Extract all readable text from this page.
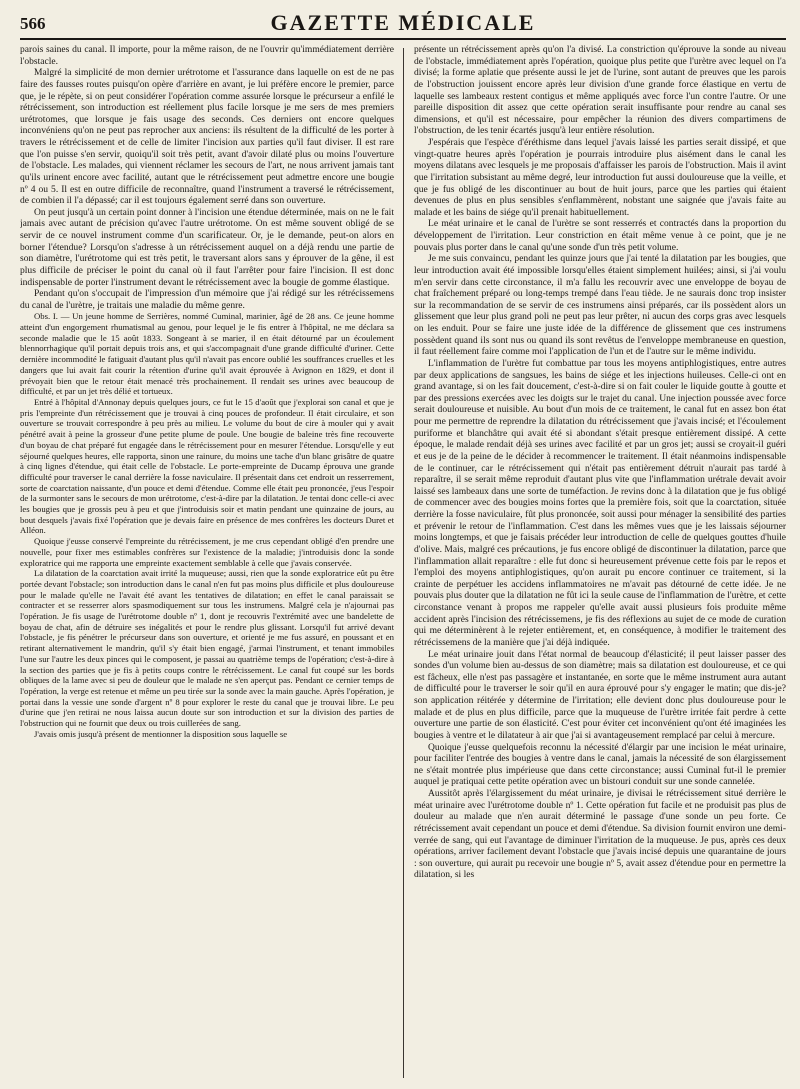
566	GAZETTE MÉDICALE

parois saines du canal. Il importe, pour la même raison, de ne l'ouvrir qu'immédiatement derrière l'obstacle.

Malgré la simplicité de mon dernier urétrotome et l'assurance dans laquelle on est de ne pas faire des fausses routes puisqu'on opère d'arrière en avant, je lui préfère encore le premier, parce que, je le répète, si on peut considérer l'opération comme assurée lorsque le précurseur a enfilé le rétrécissement, son introduction est réellement plus facile lorsque je me sers de mes premiers urétrotomes, que lorsque je fais usage des seconds. Ces derniers ont encore quelques inconvéniens qu'on ne peut pas reprocher aux anciens: ils résultent de la difficulté de les porter à travers le rétrécissement et de celle de limiter l'incision aux parties qu'il faut diviser. Il est rare que l'on puisse s'en servir, quoiqu'il soit très petit, avant d'avoir dilaté plus ou moins l'ouverture de l'obstacle. Les malades, qui viennent réclamer les secours de l'art, ne nous arrivent jamais tant qu'ils urinent encore avec facilité, autant que le rétrécissement peut admettre encore une bougie nº 4 ou 5. Il est en outre difficile de reconnaître, quand l'instrument a traversé le rétrécissement, de combien il l'a dépassé; car il est toujours également serré dans son ouverture.

On peut jusqu'à un certain point donner à l'incision une étendue déterminée, mais on ne le fait jamais avec autant de précision qu'avec l'autre urétrotome. On est même souvent obligé de se servir de ce nouvel instrument comme d'un scarificateur. Or, je le demande, peut-on alors en borner l'étendue? Lorsqu'on s'adresse à un rétrécissement auquel on a déjà rendu une partie de son diamètre, l'urétrotome qui est très petit, le traversant alors sans y éprouver de la gêne, il est plus difficile de préciser le point du canal où il faut l'arrêter pour faire l'incision. Il est donc indispensable de porter l'instrument devant le rétrécissement avec la bougie de gomme élastique.

Pendant qu'on s'occupait de l'impression d'un mémoire que j'ai rédigé sur les rétrécissemens du canal de l'urètre, je traitais une maladie du même genre.

Obs. I. — Un jeune homme de Serrières, nommé Cuminal, marinier, âgé de 28 ans. Ce jeune homme atteint d'un engorgement rhumatismal au genou, pour lequel je le fis entrer à l'hôpital, ne me déclara sa seconde maladie que le 15 août 1833. Songeant à se marier, il en était détourné par un écoulement blennorrhagique qu'il portait depuis trois ans, et qui s'accompagnait d'une grande difficulté d'uriner. Cette dernière incommodité le fatiguait d'autant plus qu'il n'avait pas encore oublié les souffrances cruelles et les dangers que lui avait fait courir la rétention d'urine qu'il avait éprouvée à Avignon en 1829, et dont il prévoyait bien que le retour était menacé très prochainement. Il rendait ses urines avec beaucoup de difficulté, et par un jet très délié et tortueux.

Entré à l'hôpital d'Annonay depuis quelques jours, ce fut le 15 d'août que j'explorai son canal et que je pris l'empreinte d'un rétrécissement que je trouvai à cinq pouces de profondeur. Il était circulaire, et son ouverture se trouvait correspondre à peu près au milieu. Le volume du bout de cire à mouler qui y avait pénétré avait à peine la grosseur d'une petite plume de poule. Une bougie de baleine très fine recouverte d'un boyau de chat préparé fut engagée dans le rétrécissement pour en mesurer l'étendue. Lorsqu'elle y eut séjourné quelques heures, elle rapporta, sinon une rainure, du moins une tache d'un blanc grisâtre de quatre à cinq lignes d'étendue, qui était celle de l'obstacle. Le porte-empreinte de Ducamp éprouva une grande difficulté pour traverser le canal derrière la fosse naviculaire. Il présentait dans cet endroit un resserrement, sorte de coarctation naissante, d'un pouce et demi d'étendue. Comme elle était peu prononcée, j'eus l'espoir de la surmonter sans le secours de mon urétrotome, c'est-à-dire par la dilatation. Je tentai donc celle-ci avec les bougies que je grossis peu à peu et que j'introduisis soir et matin pendant une quinzaine de jours, au bout desquels j'avais fixé l'opération que je devais faire en présence de mes confrères les docteurs Duret et Alléon.

Quoique j'eusse conservé l'empreinte du rétrécissement, je me crus cependant obligé d'en prendre une nouvelle, pour fixer mes estimables confrères sur l'existence de la maladie; j'introduisis donc la sonde exploratrice qui me rapporta une empreinte exactement semblable à celle que j'avais conservée.

La dilatation de la coarctation avait irrité la muqueuse; aussi, rien que la sonde exploratrice eût pu être portée devant l'obstacle; son introduction dans le canal n'en fut pas moins plus difficile et plus douloureuse pour le malade qu'elle ne l'avait été avant les tentatives de dilatation; en effet le canal paraissait se contracter et se resserrer alors spasmodiquement sur tous les instrumens. Malgré cela je n'ajournai pas l'opération. Je fis usage de l'urétrotome double nº 1, dont je recouvris l'extrémité avec une bandelette de boyau de chat, afin de détruire ses inégalités et pour le rendre plus glissant. Lorsqu'il fut arrivé devant l'obstacle, je fis pénétrer le précurseur dans son ouverture, et orienté je me fus assuré, en poussant et en retirant alternativement le mandrin, qu'il s'y était bien engagé, j'armai l'instrument, et tenant immobiles l'une sur l'autre les deux pinces qui le composent, je passai au quatrième temps de l'opération; c'est-à-dire à la section des parties que je fis à petits coups contre le rétrécissement. Le canal fut coupé sur les bords obliques de la lame avec si peu de douleur que le malade ne s'en aperçut pas. Pendant ce cernier temps de l'opération, la verge est retenue et même un peu tirée sur la sonde avec la main gauche. Après l'opération, je portai dans la vessie une sonde d'argent nº 8 pour explorer le reste du canal que je trouvai libre. Le peu d'urine que j'en retirai ne nous laissa aucun doute sur son introduction et sur la division des parties de l'obstruction qui ne fournit que deux ou trois cuillerées de sang.

J'avais omis jusqu'à présent de mentionner la disposition sous laquelle se

présente un rétrécissement après qu'on l'a divisé. La constriction qu'éprouve la sonde au niveau de l'obstacle, immédiatement après l'opération, quoique plus petite que l'urètre avec lequel on l'a divisé; la forme aplatie que présente aussi le jet de l'urine, sont autant de preuves que les parois de l'obstruction jouissent encore après leur division d'une grande force élastique en vertu de laquelle ses lambeaux restent contigus et même appliqués avec force l'un contre l'autre. Or une pareille disposition dit assez que cette opération serait insuffisante pour rendre au canal ses dimensions, et qu'il est nécessaire, pour empêcher la réunion des divers compartimens de l'obstruction, de les tenir écartés jusqu'à leur entière résolution.

J'espérais que l'espèce d'éréthisme dans lequel j'avais laissé les parties serait dissipé, et que vingt-quatre heures après l'opération je pourrais introduire plus aisément dans le canal les moyens dilatans avec lesquels je me proposais d'affaisser les parois de l'obstruction. Mais il avint que l'irritation subsistant au même degré, leur introduction fut aussi douloureuse que la veille, et que je fus obligé de les discontinuer au bout de huit jours, parce que les parties qui étaient devenues de plus en plus sensibles s'enflammèrent, nobstant une saignée que j'avais faite au malade et les bains de siége qu'il prenait habituellement.

Le méat urinaire et le canal de l'urètre se sont resserrés et contractés dans la proportion du développement de l'irritation. Leur constriction en était même venue à ce point, que je ne pouvais plus porter dans le canal qu'une sonde d'un très petit volume.

Je me suis convaincu, pendant les quinze jours que j'ai tenté la dilatation par les bougies, que leur introduction avait été impossible lorsqu'elles étaient simplement huilées; ainsi, si j'ai voulu m'en servir dans cette circonstance, il m'a fallu les recouvrir avec une enveloppe de boyau de chat fraîchement préparé ou long-temps trempé dans l'eau tiède. Je ne saurais donc trop insister sur la recommandation de se servir de ces instrumens ainsi préparés, car ils possèdent alors un glissement que leur plus grand poli ne peut pas leur prêter, ni aucun des corps gras avec lesquels on les enduit. Pour se faire une juste idée de la différence de glissement que ces instrumens possèdent quand ils sont nus ou quand ils sont revêtus de l'enveloppe membraneuse en question, il faut réellement faire comme moi l'application de l'un et de l'autre sur le même individu.

L'inflammation de l'urètre fut combattue par tous les moyens antiphlogistiques, entre autres par deux applications de sangsues, les bains de siége et les injections huileuses. Celle-ci ont en grand avantage, si on les fait doucement, c'est-à-dire si on fait couler le liquide goutte à goutte et par des pressions exercées avec les doigts sur le trajet du canal. Une injection poussée avec force serait douloureuse et nuisible. Au bout d'un mois de ce traitement, le canal fut en assez bon état pour me permettre de reprendre la dilatation du rétrécissement que j'avais incisé; et l'écoulement puriforme et blanchâtre qui avait été si abondant s'était presque entièrement dissipé. A cette époque, le malade rendait déjà ses urines avec facilité et par un gros jet; aussi se croyait-il guéri et eus je de la peine de le décider à recommencer le traitement. Il était néanmoins indispensable de le continuer, car le rétrécissement qui n'était pas entièrement détruit n'aurait pas tardé à reparaître, il se serait même reproduit d'autant plus vite que l'inflammation urétrale devait avoir laissé ses lambeaux dans une sorte de tuméfaction. Je revins donc à la dilatation que je fus obligé de commencer avec des bougies moins fortes que la première fois, soit que la coarctation, située derrière la fosse naviculaire, fût plus prononcée, soit aussi pour ménager la sensibilité des parties et prévenir le retour de l'inflammation. C'est dans les mêmes vues que je les laissais séjourner moins longtemps, et que je faisais précéder leur introduction de celle de quelques gouttes d'huile d'olive. Mais, malgré ces précautions, je fus encore obligé de discontinuer la dilatation, parce que l'inflammation allait reparaître : elle fut donc si heureusement prévenue cette fois par le repos et l'emploi des moyens antiphlogistiques, qu'on aurait pu encore continuer ce traitement, si la crainte de perpétuer les accidens inflammatoires ne m'avait pas détourné de cette idée. Je ne pouvais plus douter que la dilatation ne fût ici la seule cause de l'inflammation de l'urètre, et cette circonstance venant à propos me rappeler qu'elle avait aussi plusieurs fois produite même accident après l'incision des rétrécissemens, je fis des réflexions au sujet de ce mode de curation qui me déterminèrent à le rejeter entièrement, et, en conséquence, à modifier le traitement des rétrécissemens de la manière que j'ai déjà indiquée.

Le méat urinaire jouit dans l'état normal de beaucoup d'élasticité; il peut laisser passer des sondes d'un volume bien au-dessus de son diamètre; mais sa dilatation est douloureuse, et ce qui est fâcheux, elle n'est pas passagère et instantanée, en sorte que le même instrument aura autant de difficulté pour le traverser le soir qu'il en aura éprouvé pour s'y engager le matin; que dis-je? son application réitérée y détermine de l'irritation; elle devient donc plus douloureuse pour le malade et de plus en plus difficile, parce que la muqueuse de l'urètre irritée fait perdre à cette ouverture une partie de son élasticité. C'est pour éviter cet inconvénient qu'ont été imaginées les bougies à ventre et le dilatateur à air que j'ai si avantageusement remplacé par celui à mercure.

Quoique j'eusse quelquefois reconnu la nécessité d'élargir par une incision le méat urinaire, pour faciliter l'entrée des bougies à ventre dans le canal, jamais la nécessité de son élargissement ne s'était montrée plus impérieuse que dans cette circonstance; aussi Cuminal fut-il le premier auquel je pratiquai cette petite opération avec un bistouri conduit sur une sonde cannelée.

Aussitôt après l'élargissement du méat urinaire, je divisai le rétrécissement situé derrière le méat urinaire avec l'urétrotome double nº 1. Cette opération fut facile et ne produisit pas plus de douleur au malade que n'en aurait déterminé le passage d'une sonde un peu forte. Ce rétrécissement avait cependant un pouce et demi d'étendue. Sa division fournit environ une demi-verrée de sang, qui eut l'avantage de diminuer l'irritation de la muqueuse. Je pus, après ces deux opérations, arriver facilement devant l'obstacle que j'avais incisé depuis une quarantaine de jours : son ouverture, qui aurait pu recevoir une bougie nº 5, avait assez d'étendue pour en permettre la dilatation, si les
